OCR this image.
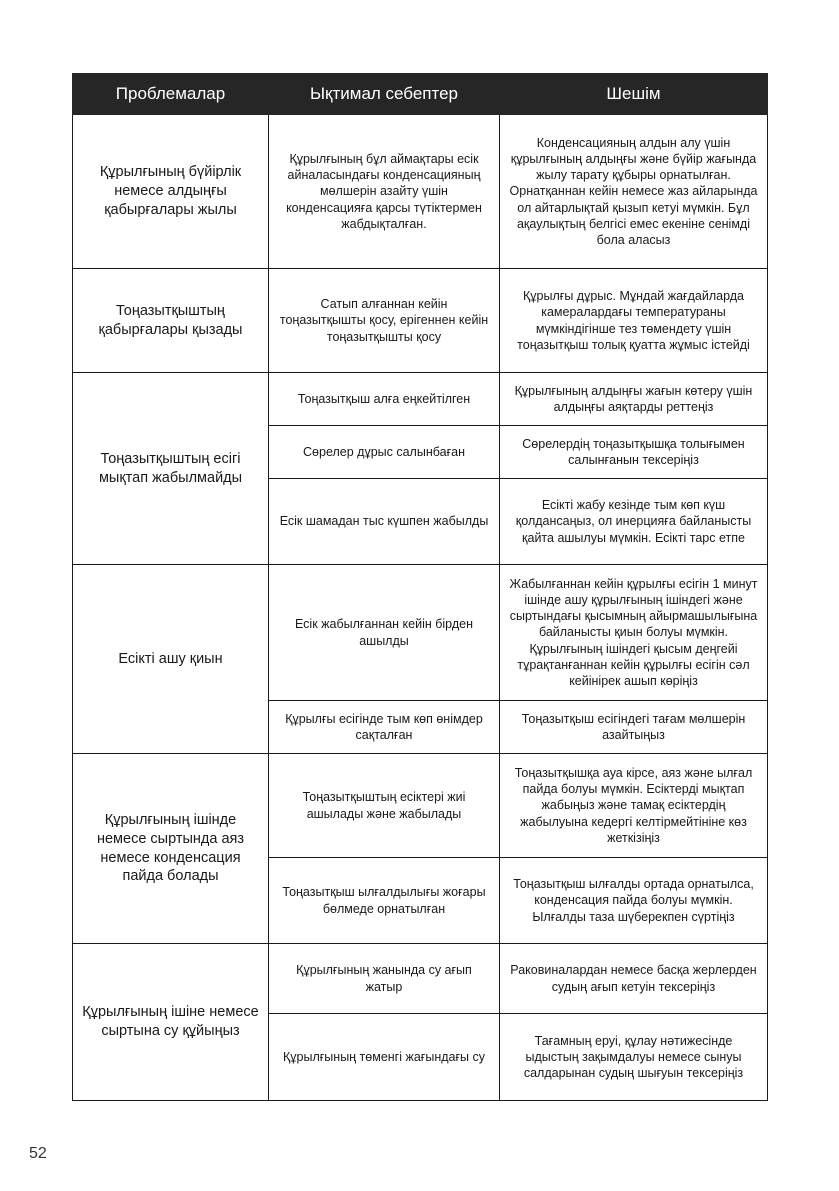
Проблемалар	Ықтимал себептер	Шешім
Құрылғының бүйірлік немесе алдыңғы қабырғалары жылы	Құрылғының бұл аймақтары есік айналасындағы конденсацияның мөлшерін азайту үшін конденсацияға қарсы түтіктермен жабдықталған.	Конденсацияның алдын алу үшін құрылғының алдыңғы және бүйір жағында жылу тарату құбыры орнатылған. Орнатқаннан кейін немесе жаз айларында ол айтарлықтай қызып кетуі мүмкін. Бұл ақаулықтың белгісі емес екеніне сенімді бола аласыз
Тоңазытқыштың қабырғалары қызады	Сатып алғаннан кейін тоңазытқышты қосу, ерігеннен кейін тоңазытқышты қосу	Құрылғы дұрыс. Мұндай жағдайларда камералардағы температураны мүмкіндігінше тез төмендету үшін тоңазытқыш толық қуатта жұмыс істейді
Тоңазытқыштың есігі мықтап жабылмайды	Тоңазытқыш алға еңкейтілген	Құрылғының алдыңғы жағын көтеру үшін алдыңғы аяқтарды реттеңіз
	Сөрелер дұрыс салынбаған	Сөрелердің тоңазытқышқа толығымен салынғанын тексеріңіз
	Есік шамадан тыс күшпен жабылды	Есікті жабу кезінде тым көп күш қолдансаңыз, ол инерцияға байланысты қайта ашылуы мүмкін. Есікті тарс етпе
Есікті ашу қиын	Есік жабылғаннан кейін бірден ашылды	Жабылғаннан кейін құрылғы есігін 1 минут ішінде ашу құрылғының ішіндегі және сыртындағы қысымның айырмашылығына байланысты қиын болуы мүмкін. Құрылғының ішіндегі қысым деңгейі тұрақтанғаннан кейін құрылғы есігін сәл кейінірек ашып көріңіз
	Құрылғы есігінде тым көп өнімдер сақталған	Тоңазытқыш есігіндегі тағам мөлшерін азайтыңыз
Құрылғының ішінде немесе сыртында аяз немесе конденсация пайда болады	Тоңазытқыштың есіктері жиі ашылады және жабылады	Тоңазытқышқа ауа кірсе, аяз және ылғал пайда болуы мүмкін. Есіктерді мықтап жабыңыз және тамақ есіктердің жабылуына кедергі келтірмейтініне көз жеткізіңіз
	Тоңазытқыш ылғалдылығы жоғары бөлмеде орнатылған	Тоңазытқыш ылғалды ортада орнатылса, конденсация пайда болуы мүмкін. Ылғалды таза шүберекпен сүртіңіз
Құрылғының ішіне немесе сыртына су құйыңыз	Құрылғының жанында су ағып жатыр	Раковиналардан немесе басқа жерлерден судың ағып кетуін тексеріңіз
	Құрылғының төменгі жағындағы су	Тағамның еруі, құлау нәтижесінде ыдыстың зақымдалуы немесе сынуы салдарынан судың шығуын тексеріңіз
52
